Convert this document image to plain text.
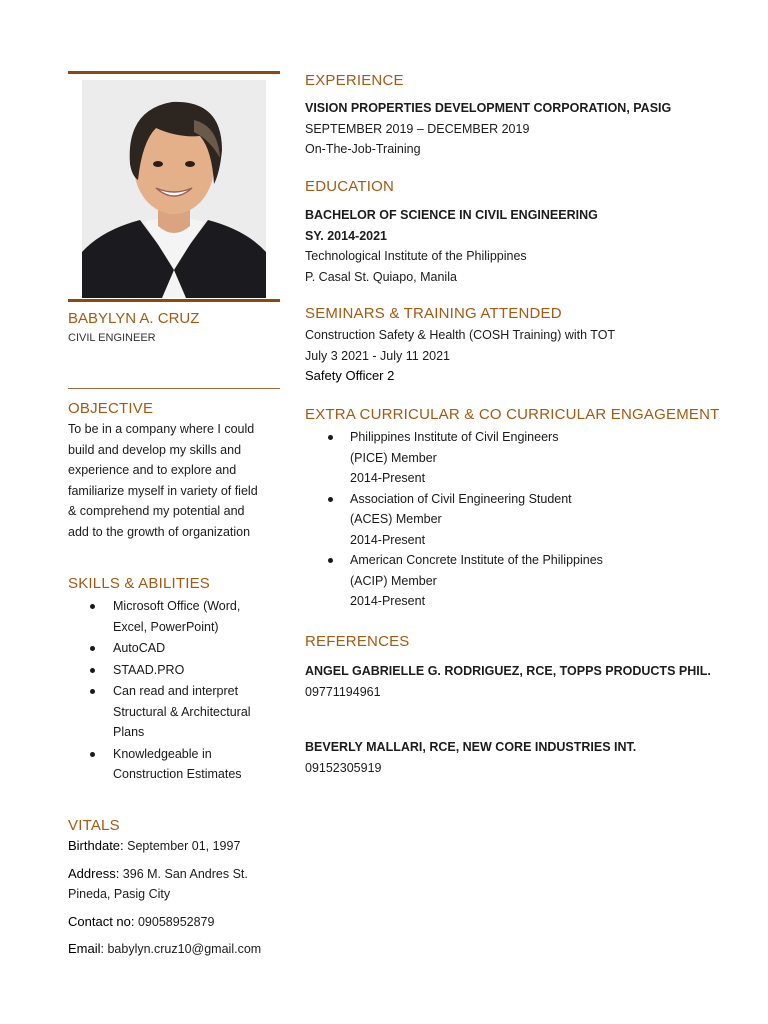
BABYLYN A. CRUZ
CIVIL ENGINEER
OBJECTIVE
To be in a company where I could
build and develop my skills and
experience and to explore and
familiarize myself in variety of field
& comprehend my potential and
add to the growth of organization
SKILLS & ABILITIES
Microsoft Office (Word,
Excel, PowerPoint)
AutoCAD
STAAD.PRO
Can read and interpret
Structural & Architectural
Plans
Knowledgeable in
Construction Estimates
VITALS
Birthdate: September 01, 1997
Address: 396 M. San Andres St.
Pineda, Pasig City
Contact no: 09058952879
Email: babylyn.cruz10@gmail.com
EXPERIENCE
VISION PROPERTIES DEVELOPMENT CORPORATION, PASIG
SEPTEMBER 2019 – DECEMBER 2019
On-The-Job-Training
EDUCATION
BACHELOR OF SCIENCE IN CIVIL ENGINEERING
SY. 2014-2021
Technological Institute of the Philippines
P. Casal St. Quiapo, Manila
SEMINARS & TRAINING ATTENDED
Construction Safety & Health (COSH Training) with TOT
July 3 2021 - July 11 2021
Safety Officer 2
EXTRA CURRICULAR & CO CURRICULAR ENGAGEMENT
Philippines Institute of Civil Engineers
(PICE) Member
2014-Present
Association of Civil Engineering Student
(ACES) Member
2014-Present
American Concrete Institute of the Philippines
(ACIP) Member
2014-Present
REFERENCES
ANGEL GABRIELLE G. RODRIGUEZ, RCE, TOPPS PRODUCTS PHIL.
09771194961
BEVERLY MALLARI, RCE, NEW CORE INDUSTRIES INT.
09152305919
